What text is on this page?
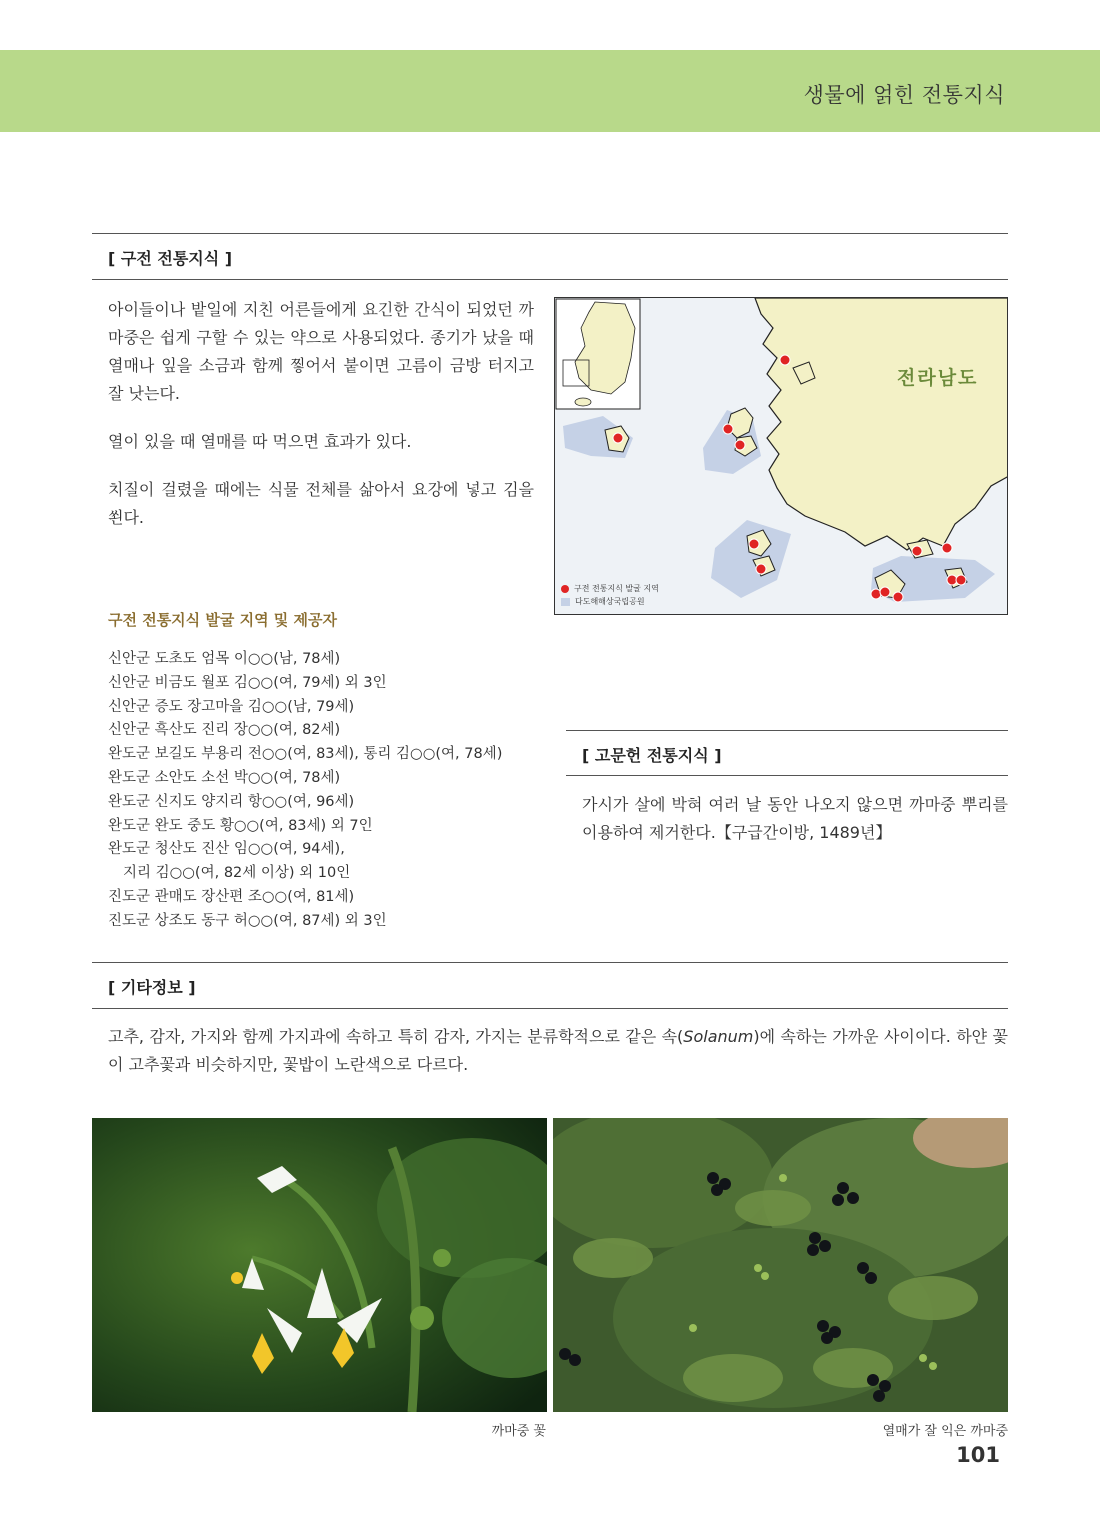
생물에 얽힌 전통지식
[ 구전 전통지식 ]

아이들이나 밭일에 지친 어른들에게 요긴한 간식이 되었던 까마중은 쉽게 구할 수 있는 약으로 사용되었다. 종기가 났을 때 열매나 잎을 소금과 함께 찧어서 붙이면 고름이 금방 터지고 잘 낫는다.

열이 있을 때 열매를 따 먹으면 효과가 있다.

치질이 걸렸을 때에는 식물 전체를 삶아서 요강에 넣고 김을 쐰다.

전라남도
구전 전통지식 발굴 지역
다도해해상국립공원
구전 전통지식 발굴 지역 및 제공자
신안군 도초도 엄목 이○○(남, 78세)
신안군 비금도 월포 김○○(여, 79세) 외 3인
신안군 증도 장고마을 김○○(남, 79세)
신안군 흑산도 진리 장○○(여, 82세)
완도군 보길도 부용리 전○○(여, 83세), 통리 김○○(여, 78세)
완도군 소안도 소선 박○○(여, 78세)
완도군 신지도 양지리 항○○(여, 96세)
완도군 완도 중도 황○○(여, 83세) 외 7인
완도군 청산도 진산 임○○(여, 94세),
지리 김○○(여, 82세 이상) 외 10인
진도군 관매도 장산편 조○○(여, 81세)
진도군 상조도 동구 허○○(여, 87세) 외 3인
[ 고문헌 전통지식 ]
가시가 살에 박혀 여러 날 동안 나오지 않으면 까마중 뿌리를 이용하여 제거한다.【구급간이방, 1489년】
[ 기타정보 ]
고추, 감자, 가지와 함께 가지과에 속하고 특히 감자, 가지는 분류학적으로 같은 속(Solanum)에 속하는 가까운 사이이다. 하얀 꽃이 고추꽃과 비슷하지만, 꽃밥이 노란색으로 다르다.
까마중 꽃	열매가 잘 익은 까마중
101
